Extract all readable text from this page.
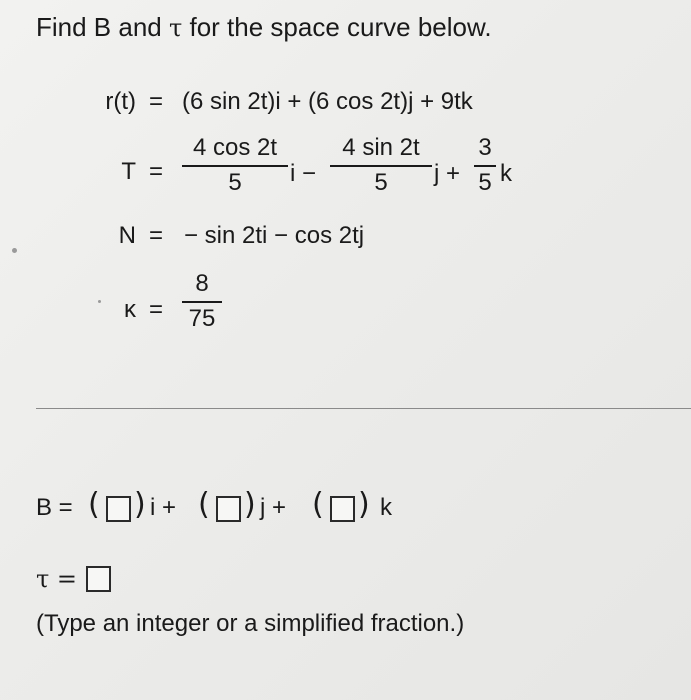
Find B and τ for the space curve below.
r(t) = (6 sin 2t)i + (6 cos 2t)j + 9tk
T =
4 cos 2t
5	i −
4 sin 2t
5	j +
3
5 k
N = − sin 2ti − cos 2tj
κ =
8
75
B = ( ) i + ( ) j + ( ) k
τ =
(Type an integer or a simplified fraction.)
